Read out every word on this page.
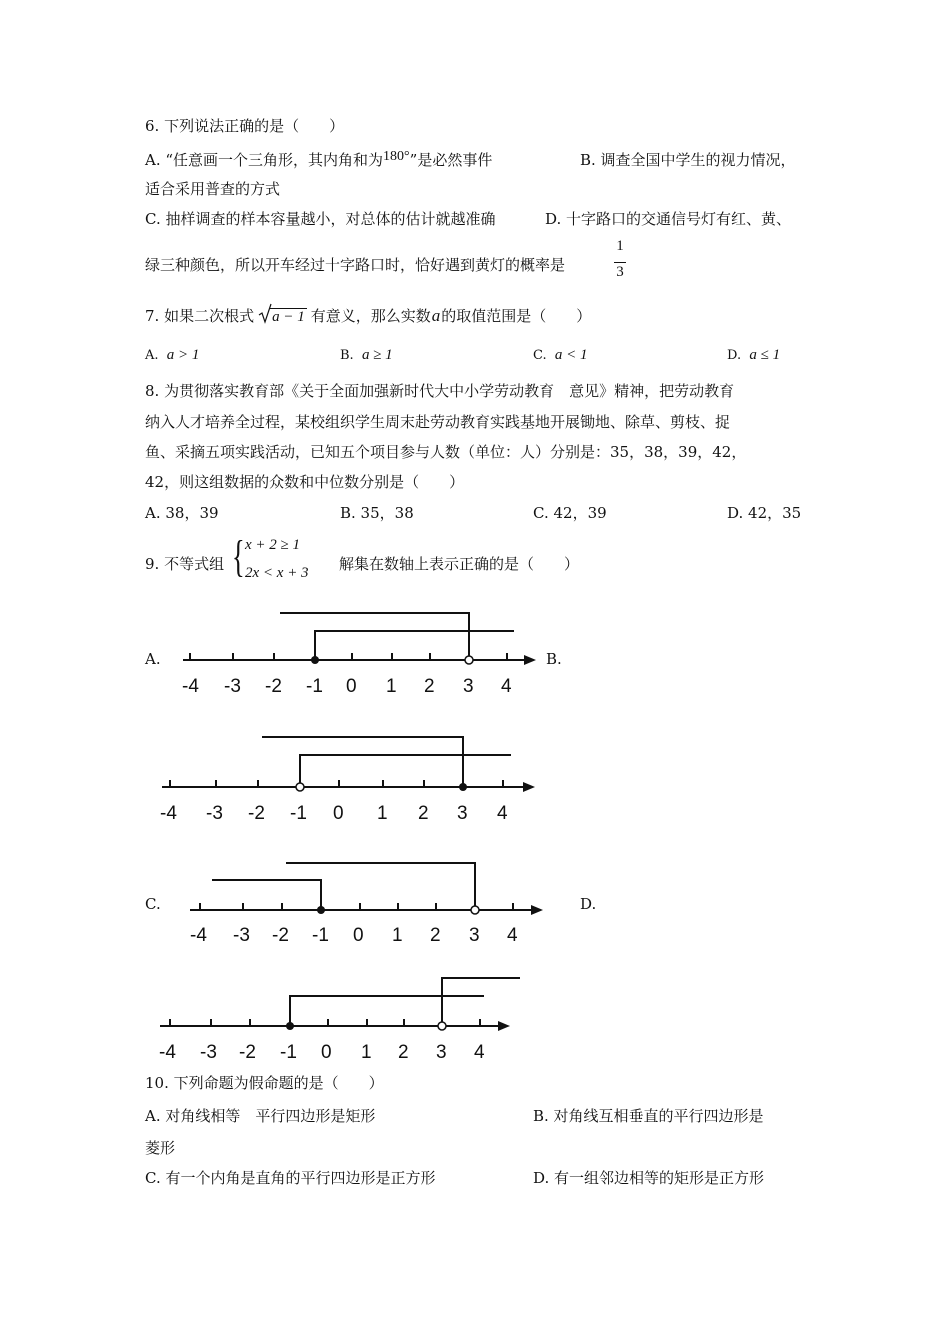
6. 下列说法正确的是（　　）
A. “任意画一个三角形，其内角和为180°”是必然事件	B. 调查全国中学生的视力情况，
适合采用普查的方式
C. 抽样调查的样本容量越小，对总体的估计就越准确	D. 十字路口的交通信号灯有红、黄、
绿三种颜色，所以开车经过十字路口时，恰好遇到黄灯的概率是
1
3
7. 如果二次根式 a − 1 有意义，那么实数a的取值范围是（　　）
A. a > 1	B. a ≥ 1	C. a < 1	D. a ≤ 1
8. 为贯彻落实教育部《关于全面加强新时代大中小学劳动教育　意见》精神，把劳动教育
纳入人才培养全过程，某校组织学生周末赴劳动教育实践基地开展锄地、除草、剪枝、捉
鱼、采摘五项实践活动，已知五个项目参与人数（单位：人）分别是：35，38，39，42，
42，则这组数据的众数和中位数分别是（　　）
A. 38，39	B. 35，38	C. 42，39	D. 42，35
9. 不等式组 { x + 2 ≥ 1
2x < x + 3 解集在数轴上表示正确的是（　　）
A.	B.
C.	D.
-4 -3 -2 -1 0 1 2 3 4
-4 -3 -2 -1 0 1 2 3 4
-4 -3 -2 -1 0 1 2 3 4
-4 -3 -2 -1 0 1 2 3 4
10. 下列命题为假命题的是（　　）
A. 对角线相等　平行四边形是矩形	B. 对角线互相垂直的平行四边形是
菱形
C. 有一个内角是直角的平行四边形是正方形	D. 有一组邻边相等的矩形是正方形
